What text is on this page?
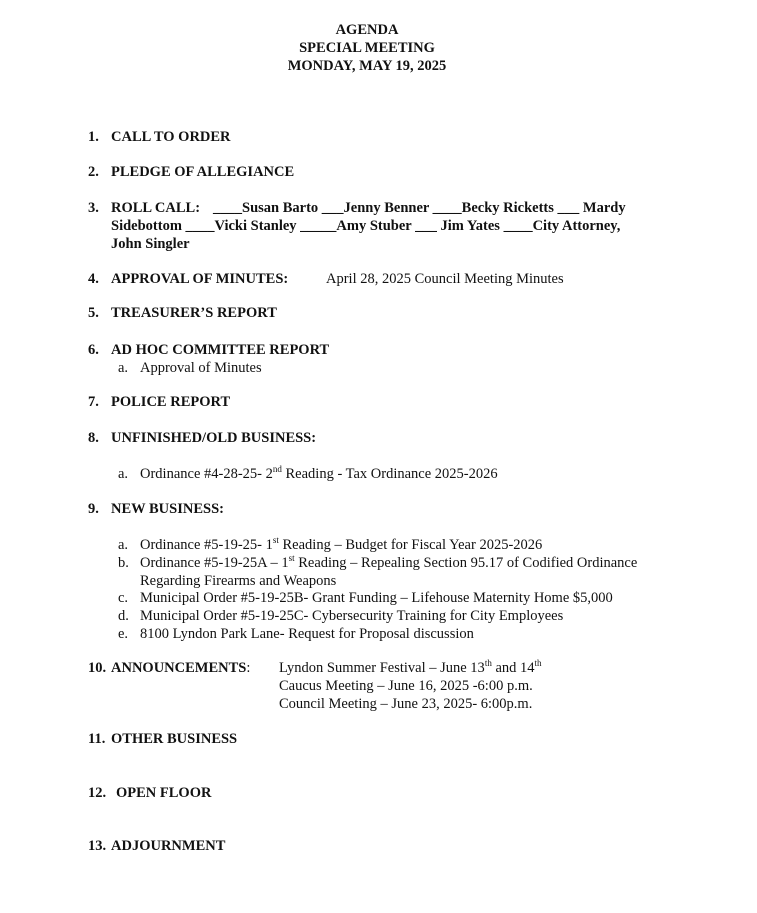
AGENDA
SPECIAL MEETING
MONDAY, MAY 19, 2025
1. CALL TO ORDER
2. PLEDGE OF ALLEGIANCE
3. ROLL CALL: ____Susan Barto ___Jenny Benner ____Becky Ricketts ___ Mardy
Sidebottom ____Vicki Stanley _____Amy Stuber ___ Jim Yates ____City Attorney,
John Singler
4. APPROVAL OF MINUTES:	April 28, 2025 Council Meeting Minutes
5. TREASURER’S REPORT
6. AD HOC COMMITTEE REPORT
a. Approval of Minutes
7. POLICE REPORT
8. UNFINISHED/OLD BUSINESS:
a. Ordinance #4-28-25- 2nd Reading - Tax Ordinance 2025-2026
9. NEW BUSINESS:
a. Ordinance #5-19-25- 1st Reading – Budget for Fiscal Year 2025-2026
b. Ordinance #5-19-25A – 1st Reading – Repealing Section 95.17 of Codified Ordinance
Regarding Firearms and Weapons
c. Municipal Order #5-19-25B- Grant Funding – Lifehouse Maternity Home $5,000
d. Municipal Order #5-19-25C- Cybersecurity Training for City Employees
e. 8100 Lyndon Park Lane- Request for Proposal discussion
10. ANNOUNCEMENTS:	Lyndon Summer Festival – June 13th and 14th
Caucus Meeting – June 16, 2025 -6:00 p.m.
Council Meeting – June 23, 2025- 6:00p.m.
11. OTHER BUSINESS
12. OPEN FLOOR
13. ADJOURNMENT
